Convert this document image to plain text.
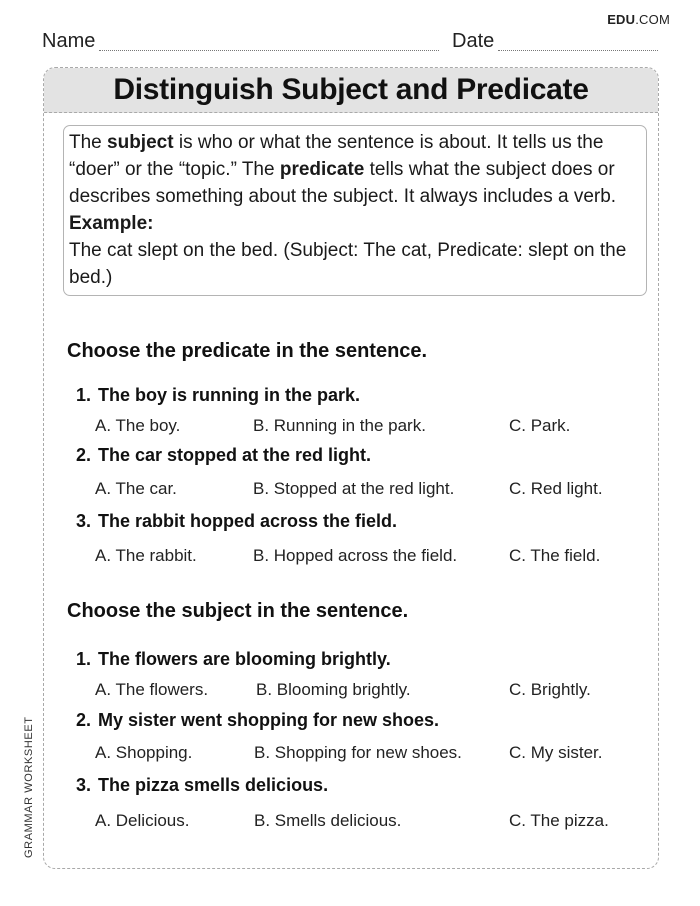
EDU.COM
Name	Date
Distinguish Subject and Predicate

The subject is who or what the sentence is about. It tells us the “doer” or the “topic.” The predicate tells what the subject does or describes something about the subject. It always includes a verb.

Example:

The cat slept on the bed. (Subject: The cat, Predicate: slept on the bed.)

Choose the predicate in the sentence.
1. The boy is running in the park.
A. The boy.	B. Running in the park.	C. Park.
2. The car stopped at the red light.
A. The car.	B. Stopped at the red light.	C. Red light.
3. The rabbit hopped across the field.
A. The rabbit.	B. Hopped across the field.	C. The field.
Choose the subject in the sentence.
1. The flowers are blooming brightly.
A. The flowers.	B. Blooming brightly.	C. Brightly.
2. My sister went shopping for new shoes.
A. Shopping.	B. Shopping for new shoes.	C. My sister.
3. The pizza smells delicious.
A. Delicious.	B. Smells delicious.	C. The pizza.
GRAMMAR WORKSHEET
